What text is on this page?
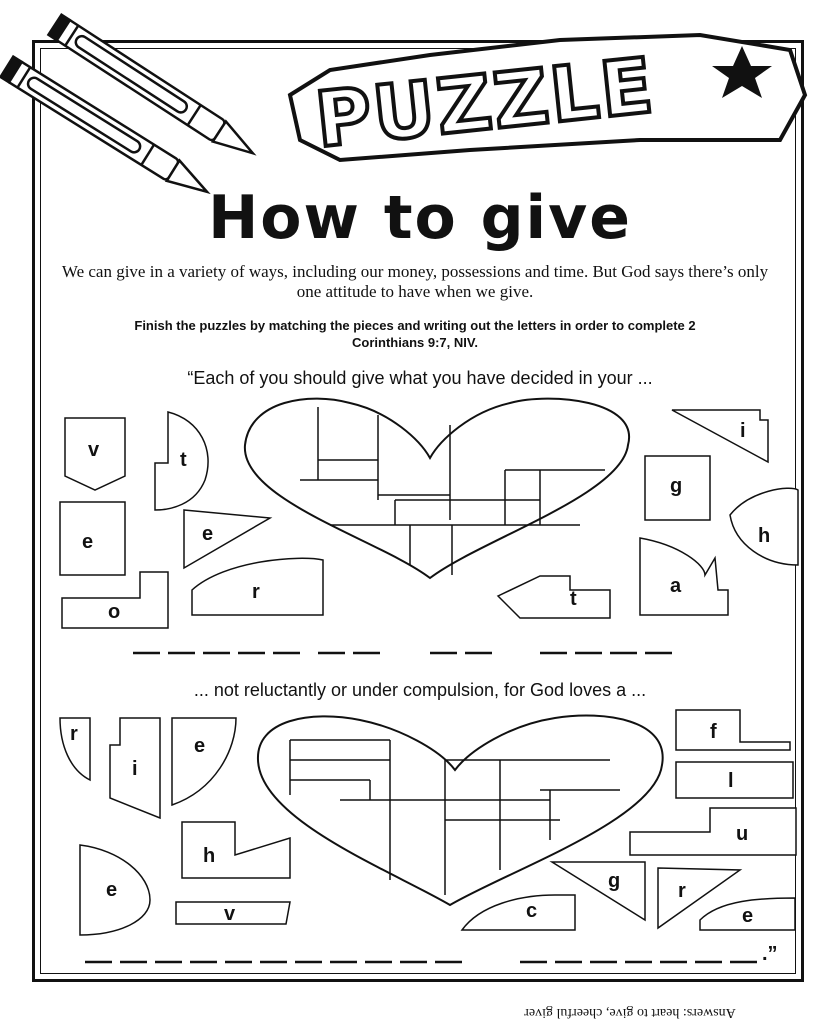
v	t
e	e
o
r	t
a
g
h
i
r
i
e
e
h
v	c
g	r
e
u
l
f
.”
PUZZLE
How to give
We can give in a variety of ways, including our money, possessions and time. But God says there’s only one attitude to have when we give.
Finish the puzzles by matching the pieces and writing out the letters in order to complete 2 Corinthians 9:7, NIV.
“Each of you should give what you have decided in your ...
... not reluctantly or under compulsion, for God loves a ...
Answers: heart to give, cheerful giver
